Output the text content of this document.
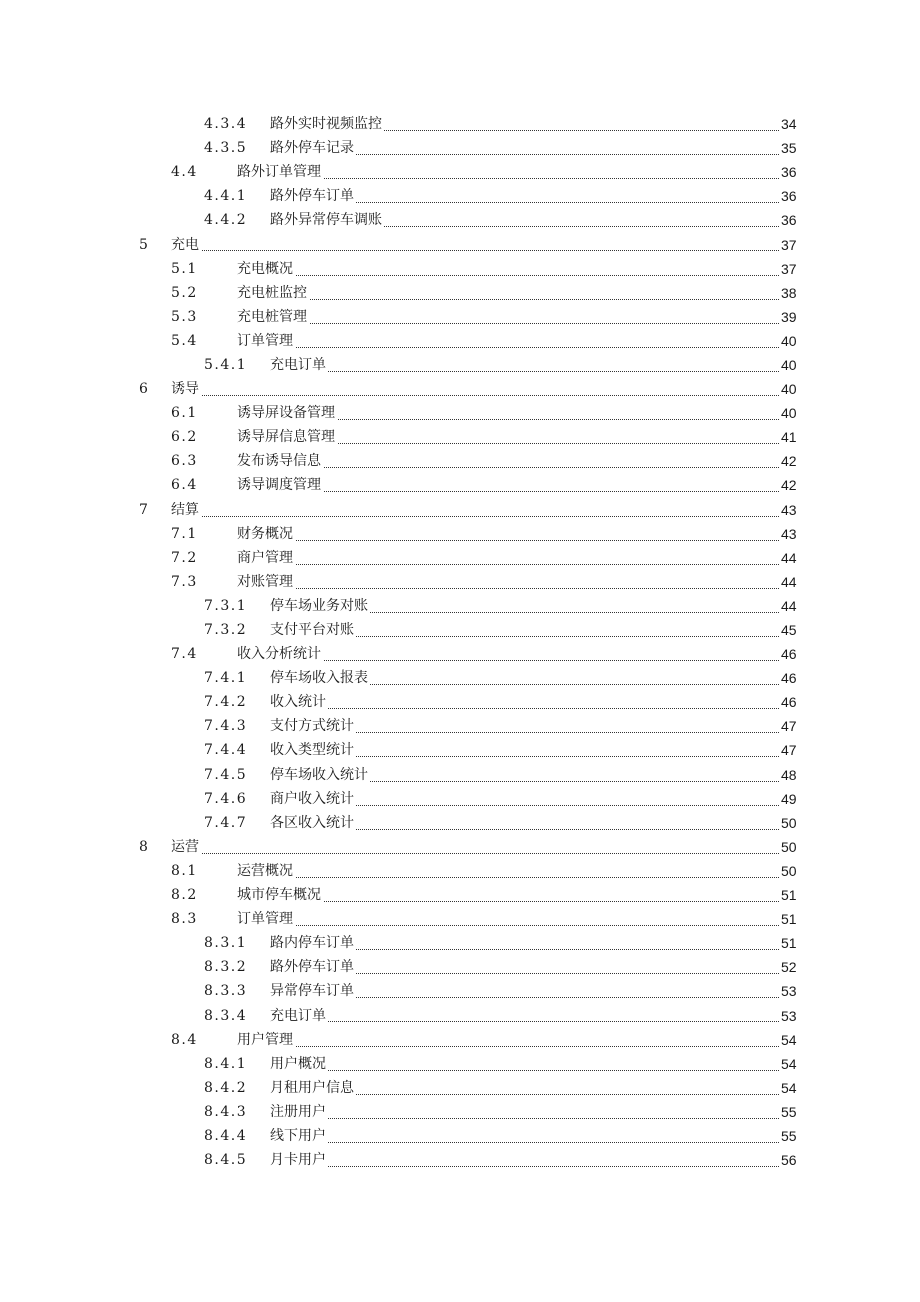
4.3.4 路外实时视频监控	34
4.3.5 路外停车记录	35
4.4	路外订单管理	36
4.4.1 路外停车订单	36
4.4.2 路外异常停车调账	36
5 充电	37
5.1	充电概况	37
5.2	充电桩监控	38
5.3	充电桩管理	39
5.4	订单管理	40
5.4.1 充电订单	40
6 诱导	40
6.1	诱导屏设备管理	40
6.2	诱导屏信息管理	41
6.3	发布诱导信息	42
6.4	诱导调度管理	42
7 结算	43
7.1	财务概况	43
7.2	商户管理	44
7.3	对账管理	44
7.3.1 停车场业务对账	44
7.3.2 支付平台对账	45
7.4	收入分析统计	46
7.4.1 停车场收入报表	46
7.4.2 收入统计	46
7.4.3 支付方式统计	47
7.4.4 收入类型统计	47
7.4.5 停车场收入统计	48
7.4.6 商户收入统计	49
7.4.7 各区收入统计	50
8 运营	50
8.1	运营概况	50
8.2	城市停车概况	51
8.3	订单管理	51
8.3.1 路内停车订单	51
8.3.2 路外停车订单	52
8.3.3 异常停车订单	53
8.3.4 充电订单	53
8.4	用户管理	54
8.4.1 用户概况	54
8.4.2 月租用户信息	54
8.4.3 注册用户	55
8.4.4 线下用户	55
8.4.5 月卡用户	56
